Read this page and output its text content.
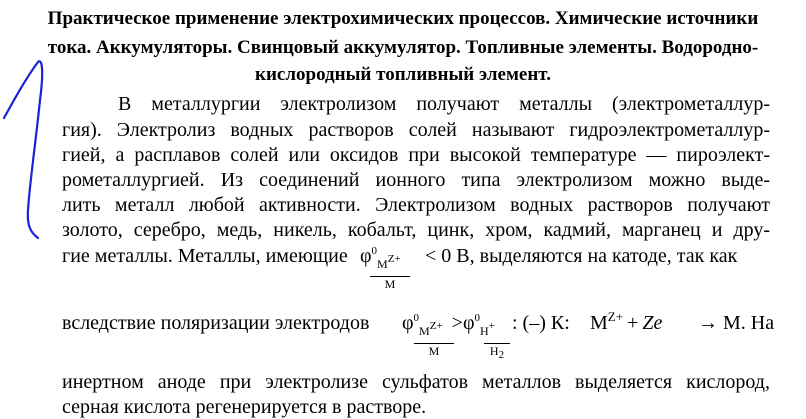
Практическое применение электрохимических процессов. Химические источники
тока. Аккумуляторы. Свинцовый аккумулятор. Топливные элементы. Водородно-
кислородный топливный элемент.
В металлургии электролизом получают металлы (электрометаллур-
гия). Электролиз водных растворов солей называют гидроэлектрометаллур-
гией, а расплавов солей или оксидов при высокой температуре — пироэлект-
рометаллургией. Из соединений ионного типа электролизом можно выде-
лить металл любой активности. Электролизом водных растворов получают
золото, серебро, медь, никель, кобальт, цинк, хром, кадмий, марганец и дру-
гие металлы. Металлы, имеющие $\varphi^0_{MZ+}$
M
< 0 В, выделяются на катоде, так как
вследствие поляризации электродов $\varphi^0_{MZ+} >\varphi^0_{H+}$
M	H2
: (–) К: $M^{Z+} + Ze \to М$. На
инертном аноде при электролизе сульфатов металлов выделяется кислород,
серная кислота регенерируется в растворе.
